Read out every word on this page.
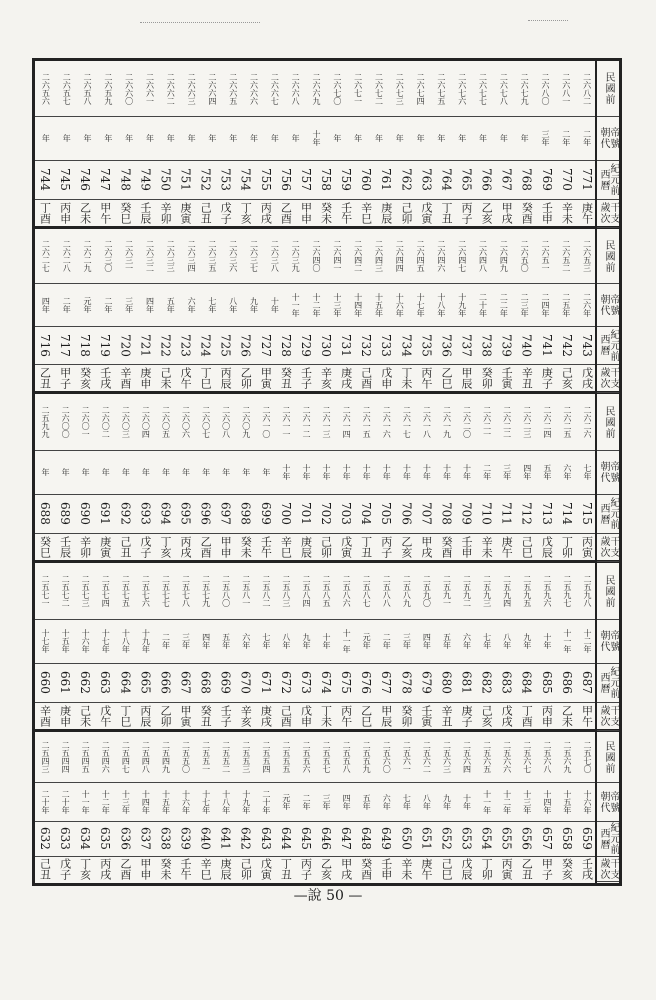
二六八二
二六八一
二六八〇
二六七九
二六七八
二六七七
二六七六
二六七五
二六七四
二六七三
二六七二
二六七一
二六七〇
二六六九
二六六八
二六六七
二六六六
二六六五
二六六四
二六六三
二六六二
二六六一
二六六〇
二六五九
二六五八
二六五七
二六五六
二年
二年
三年
年
年
年
年
年
年
年
年
年
年
十年
年
年
年
年
年
年
年
年
年
年
年
年
年
771
770
769
768
767
766
765
764
763
762
761
760
759
758
757
756
755
754
753
752
751
750
749
748
747
746
745
744
庚午
辛未
壬申
癸酉
甲戌
乙亥
丙子
丁丑
戊寅
己卯
庚辰
辛巳
壬午
癸未
甲申
乙酉
丙戌
丁亥
戊子
己丑
庚寅
辛卯
壬辰
癸巳
甲午
乙未
丙申
丁酉
民國前
朝代 帝號
西曆 紀元前
歲次 干支
二六五三
二六五二
二六五一
二六五〇
二六四九
二六四八
二六四七
二六四六
二六四五
二六四四
二六四三
二六四二
二六四一
二六四〇
二六三九
二六三八
二六三七
二六三六
二六三五
二六三四
二六三三
二六三二
二六三一
二六三〇
二六二九
二六二八
二六二七
二六年
二五年
二四年
二三年
二二年
二十年
十九年
十八年
十七年
十六年
十五年
十四年
十三年
十二年
十一年
十年
九年
八年
七年
六年
五年
四年
三年
二年
元年
二年
四年
743
742
741
740
739
738
737
736
735
734
733
732
731
730
729
728
727
726
725
724
723
722
721
720
719
718
717
716
戊戌
己亥
庚子
辛丑
壬寅
癸卯
甲辰
乙巳
丙午
丁未
戊申
己酉
庚戌
辛亥
壬子
癸丑
甲寅
乙卯
丙辰
丁巳
戊午
己未
庚申
辛酉
壬戌
癸亥
甲子
乙丑
民國前
朝代 帝號
西曆 紀元前
歲次 干支
二六二六
二六二五
二六二四
二六二三
二六二二
二六二一
二六二〇
二六一九
二六一八
二六一七
二六一六
二六一五
二六一四
二六一三
二六一二
二六一一
二六一〇
二六〇九
二六〇八
二六〇七
二六〇六
二六〇五
二六〇四
二六〇三
二六〇二
二六〇一
二六〇〇
二五九九
七年
六年
五年
四年
三年
二年
十年
十年
十年
十年
十年
十年
十年
十年
十年
十年
年
年
年
年
年
年
年
年
年
年
年
年
715
714
713
712
711
710
709
708
707
706
705
704
703
702
701
700
699
698
697
696
695
694
693
692
691
690
689
688
丙寅
丁卯
戊辰
己巳
庚午
辛未
壬申
癸酉
甲戌
乙亥
丙子
丁丑
戊寅
己卯
庚辰
辛巳
壬午
癸未
甲申
乙酉
丙戌
丁亥
戊子
己丑
庚寅
辛卯
壬辰
癸巳
民國前
朝代 帝號
西曆 紀元前
歲次 干支
二五九八
二五九七
二五九六
二五九五
二五九四
二五九三
二五九二
二五九一
二五九〇
二五八九
二五八八
二五八七
二五八六
二五八五
二五八四
二五八三
二五八二
二五八一
二五八〇
二五七九
二五七八
二五七七
二五七六
二五七五
二五七四
二五七三
二五七二
二五七一
十二年
十一年
十年
九年
八年
七年
六年
五年
四年
三年
二年
元年
十一年
十年
九年
八年
七年
六年
五年
四年
三年
二年
十九年
十八年
十七年
十六年
十五年
十七年
687
686
685
684
683
682
681
680
679
678
677
676
675
674
673
672
671
670
669
668
667
666
665
664
663
662
661
660
甲午
乙未
丙申
丁酉
戊戌
己亥
庚子
辛丑
壬寅
癸卯
甲辰
乙巳
丙午
丁未
戊申
己酉
庚戌
辛亥
壬子
癸丑
甲寅
乙卯
丙辰
丁巳
戊午
己未
庚申
辛酉
民國前
朝代 帝號
西曆 紀元前
歲次 干支
二五七〇
二五六九
二五六八
二五六七
二五六六
二五六五
二五六四
二五六三
二五六二
二五六一
二五六〇
二五五九
二五五八
二五五七
二五五六
二五五五
二五五四
二五五三
二五五二
二五五一
二五五〇
二五四九
二五四八
二五四七
二五四六
二五四五
二五四四
二五四三
十六年
十五年
十四年
十三年
十二年
十一年
十年
九年
八年
七年
六年
五年
四年
三年
二年
元年
二十年
十九年
十八年
十七年
十六年
十五年
十四年
十三年
十二年
十一年
二十年
二十年
659
658
657
656
655
654
653
652
651
650
649
648
647
646
645
644
643
642
641
640
639
638
637
636
635
634
633
632
壬戌
癸亥
甲子
乙丑
丙寅
丁卯
戊辰
己巳
庚午
辛未
壬申
癸酉
甲戌
乙亥
丙子
丁丑
戊寅
己卯
庚辰
辛巳
壬午
癸未
甲申
乙酉
丙戌
丁亥
戊子
己丑
民國前
朝代 帝號
西曆 紀元前
歲次 干支
—說 50 —
